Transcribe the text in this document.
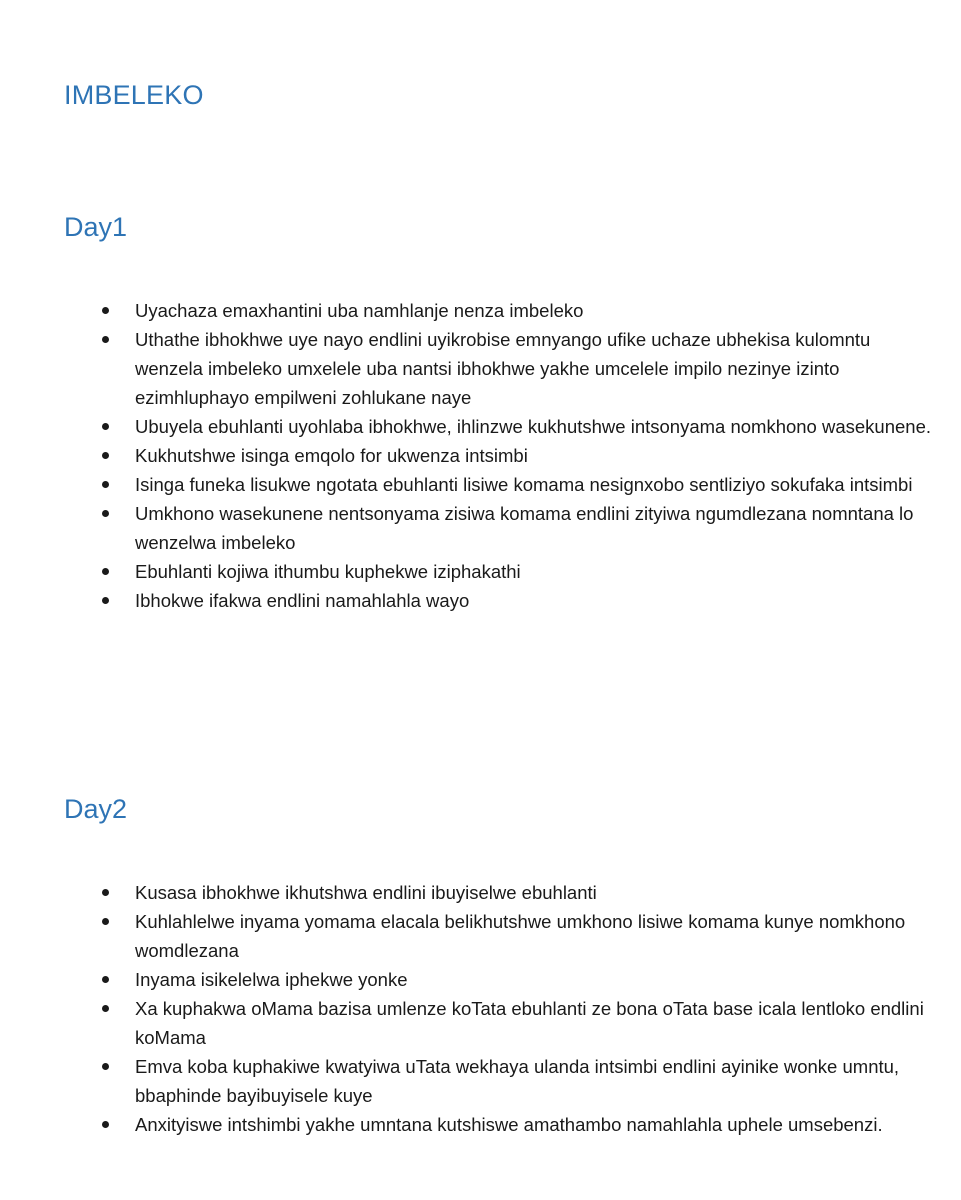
IMBELEKO
Day1
Uyachaza emaxhantini uba namhlanje nenza imbeleko
Uthathe ibhokhwe uye nayo endlini uyikrobise emnyango ufike uchaze ubhekisa kulomntu wenzela imbeleko umxelele uba nantsi ibhokhwe yakhe umcelele impilo nezinye izinto ezimhluphayo empilweni zohlukane naye
Ubuyela ebuhlanti uyohlaba ibhokhwe, ihlinzwe kukhutshwe intsonyama nomkhono wasekunene.
Kukhutshwe isinga emqolo for ukwenza intsimbi
Isinga funeka lisukwe ngotata ebuhlanti lisiwe komama nesignxobo sentliziyo sokufaka intsimbi
Umkhono wasekunene nentsonyama zisiwa komama endlini zityiwa ngumdlezana nomntana lo wenzelwa imbeleko
Ebuhlanti kojiwa ithumbu kuphekwe iziphakathi
Ibhokwe ifakwa endlini namahlahla wayo
Day2
Kusasa ibhokhwe ikhutshwa endlini ibuyiselwe ebuhlanti
Kuhlahlelwe inyama yomama elacala belikhutshwe umkhono lisiwe komama kunye nomkhono womdlezana
Inyama isikelelwa iphekwe yonke
Xa kuphakwa oMama bazisa umlenze koTata ebuhlanti ze bona oTata base icala lentloko endlini koMama
Emva koba kuphakiwe kwatyiwa uTata wekhaya ulanda intsimbi endlini ayinike wonke umntu, bbaphinde bayibuyisele kuye
Anxityiswe intshimbi yakhe umntana kutshiswe amathambo namahlahla uphele umsebenzi.
